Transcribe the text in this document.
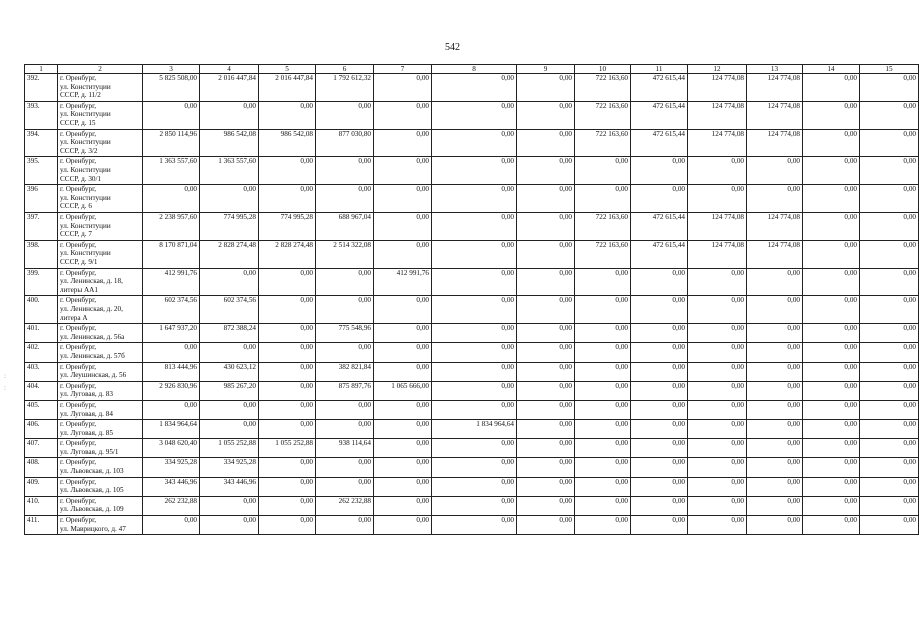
542
1	2	3	4	5	6	7	8	9	10	11	12	13	14	15
392.	г. Оренбург,
ул. Конституции
СССР, д. 11/2	5 825 508,00	2 016 447,84	2 016 447,84	1 792 612,32	0,00	0,00	0,00	722 163,60	472 615,44	124 774,08	124 774,08	0,00	0,00
393.	г. Оренбург,
ул. Конституции
СССР, д. 15	0,00	0,00	0,00	0,00	0,00	0,00	0,00	722 163,60	472 615,44	124 774,08	124 774,08	0,00	0,00
394.	г. Оренбург,
ул. Конституции
СССР, д. 3/2	2 850 114,96	986 542,08	986 542,08	877 030,80	0,00	0,00	0,00	722 163,60	472 615,44	124 774,08	124 774,08	0,00	0,00
395.	г. Оренбург,
ул. Конституции
СССР, д. 30/1	1 363 557,60	1 363 557,60	0,00	0,00	0,00	0,00	0,00	0,00	0,00	0,00	0,00	0,00	0,00
396	г. Оренбург,
ул. Конституции
СССР, д. 6	0,00	0,00	0,00	0,00	0,00	0,00	0,00	0,00	0,00	0,00	0,00	0,00	0,00
397.	г. Оренбург,
ул. Конституции
СССР, д. 7	2 238 957,60	774 995,28	774 995,28	688 967,04	0,00	0,00	0,00	722 163,60	472 615,44	124 774,08	124 774,08	0,00	0,00
398.	г. Оренбург,
ул. Конституции
СССР, д. 9/1	8 170 871,04	2 828 274,48	2 828 274,48	2 514 322,08	0,00	0,00	0,00	722 163,60	472 615,44	124 774,08	124 774,08	0,00	0,00
399.	г. Оренбург,
ул. Ленинская, д. 18,
литеры АА1	412 991,76	0,00	0,00	0,00	412 991,76	0,00	0,00	0,00	0,00	0,00	0,00	0,00	0,00
400.	г. Оренбург,
ул. Ленинская, д. 20,
литера А	602 374,56	602 374,56	0,00	0,00	0,00	0,00	0,00	0,00	0,00	0,00	0,00	0,00	0,00
401.	г. Оренбург,
ул. Ленинская, д. 56а	1 647 937,20	872 388,24	0,00	775 548,96	0,00	0,00	0,00	0,00	0,00	0,00	0,00	0,00	0,00
402.	г. Оренбург,
ул. Ленинская, д. 57б	0,00	0,00	0,00	0,00	0,00	0,00	0,00	0,00	0,00	0,00	0,00	0,00	0,00
403.	г. Оренбург,
ул. Леушинская, д. 56	813 444,96	430 623,12	0,00	382 821,84	0,00	0,00	0,00	0,00	0,00	0,00	0,00	0,00	0,00
404.	г. Оренбург,
ул. Луговая, д. 83	2 926 830,96	985 267,20	0,00	875 897,76	1 065 666,00	0,00	0,00	0,00	0,00	0,00	0,00	0,00	0,00
405.	г. Оренбург,
ул. Луговая, д. 84	0,00	0,00	0,00	0,00	0,00	0,00	0,00	0,00	0,00	0,00	0,00	0,00	0,00
406.	г. Оренбург,
ул. Луговая, д. 85	1 834 964,64	0,00	0,00	0,00	0,00	1 834 964,64	0,00	0,00	0,00	0,00	0,00	0,00	0,00
407.	г. Оренбург,
ул. Луговая, д. 95/1	3 048 620,40	1 055 252,88	1 055 252,88	938 114,64	0,00	0,00	0,00	0,00	0,00	0,00	0,00	0,00	0,00
408.	г. Оренбург,
ул. Львовская, д. 103	334 925,28	334 925,28	0,00	0,00	0,00	0,00	0,00	0,00	0,00	0,00	0,00	0,00	0,00
409.	г. Оренбург,
ул. Львовская, д. 105	343 446,96	343 446,96	0,00	0,00	0,00	0,00	0,00	0,00	0,00	0,00	0,00	0,00	0,00
410.	г. Оренбург,
ул. Львовская, д. 109	262 232,88	0,00	0,00	262 232,88	0,00	0,00	0,00	0,00	0,00	0,00	0,00	0,00	0,00
411.	г. Оренбург,
ул. Маврицкого, д. 47	0,00	0,00	0,00	0,00	0,00	0,00	0,00	0,00	0,00	0,00	0,00	0,00	0,00
:
:
